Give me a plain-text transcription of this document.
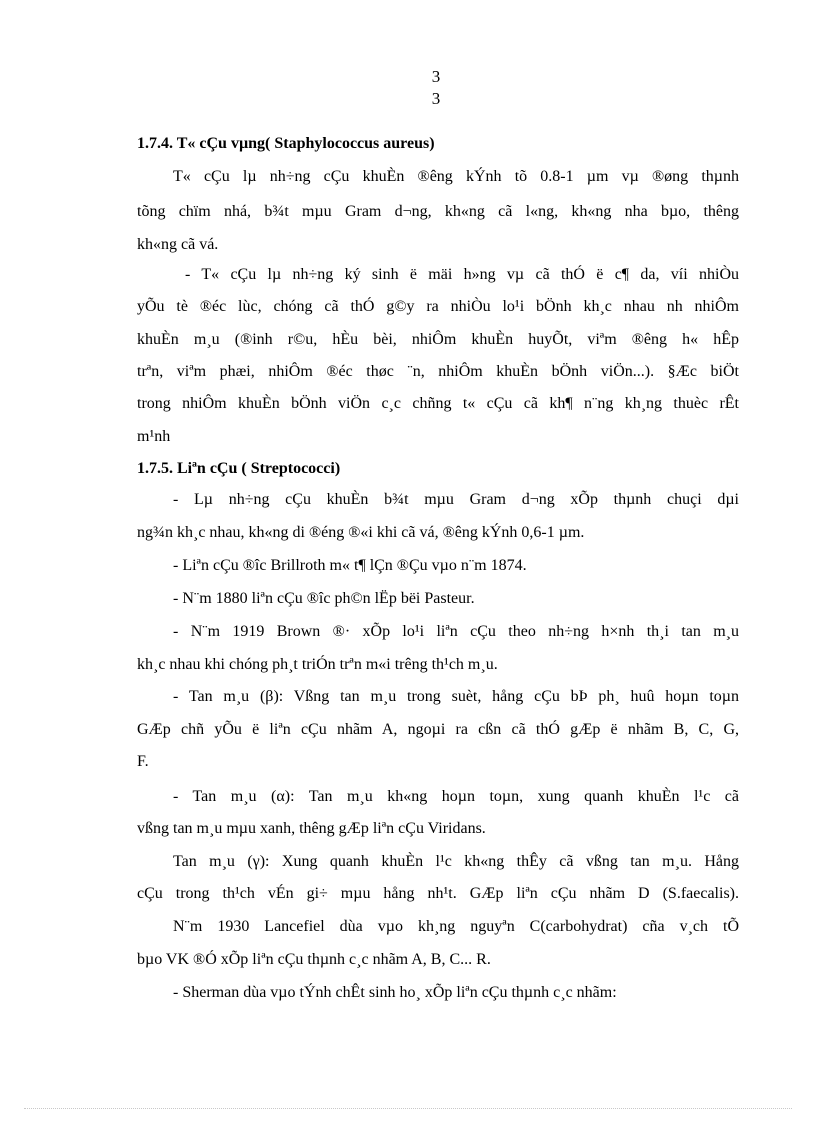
3
3
1.7.4. T« cÇu vµng( Staphylococcus aureus)
T« cÇu lµ nh÷ng cÇu khuÈn ®êng kÝnh tõ 0.8-1 µm vµ ®øng thµnh
tõng chïm nhá, b¾t mµu Gram d¬ng, kh«ng cã l«ng, kh«ng nha bµo, thêng
kh«ng cã vá.
- T« cÇu lµ nh÷ng ký sinh ë mäi h»ng vµ cã thÓ ë c¶ da, víi nhiÒu
yÕu tè ®éc lùc, chóng cã thÓ g©y ra nhiÒu lo¹i bÖnh kh¸c nhau nh nhiÔm
khuÈn m¸u (®inh r©u, hÈu bèi, nhiÔm khuÈn huyÕt, viªm ®êng h« hÊp
trªn, viªm phæi, nhiÔm ®éc thøc ¨n, nhiÔm khuÈn bÖnh viÖn...). §Æc biÖt
trong nhiÔm khuÈn bÖnh viÖn c¸c chñng t« cÇu cã kh¶ n¨ng kh¸ng thuèc rÊt
m¹nh
1.7.5. Liªn cÇu ( Streptococci)
- Lµ nh÷ng cÇu khuÈn b¾t mµu Gram d¬ng xÕp thµnh chuçi dµi
ng¾n kh¸c nhau, kh«ng di ®éng ®«i khi cã vá, ®êng kÝnh 0,6-1 µm.
- Liªn cÇu ®îc Brillroth m« t¶ lÇn ®Çu vµo n¨m 1874.
- N¨m 1880 liªn cÇu ®îc ph©n lËp bëi Pasteur.
- N¨m 1919 Brown ®· xÕp lo¹i liªn cÇu theo nh÷ng h×nh th¸i tan m¸u
kh¸c nhau khi chóng ph¸t triÓn trªn m«i trêng th¹ch m¸u.
- Tan m¸u (β): Vßng tan m¸u trong suèt, hång cÇu bÞ ph¸ huû hoµn toµn
GÆp chñ yÕu ë liªn cÇu nhãm A, ngoµi ra cßn cã thÓ gÆp ë nhãm B, C, G,
F.
- Tan m¸u (α): Tan m¸u kh«ng hoµn toµn, xung quanh khuÈn l¹c cã
vßng tan m¸u mµu xanh, thêng gÆp liªn cÇu Viridans.
Tan m¸u (γ): Xung quanh khuÈn l¹c kh«ng thÊy cã vßng tan m¸u. Hång
cÇu trong th¹ch vÉn gi÷ mµu hång nh¹t. GÆp liªn cÇu nhãm D (S.faecalis).
N¨m 1930 Lancefiel dùa vµo kh¸ng nguyªn C(carbohydrat) cña v¸ch tÕ
bµo VK ®Ó xÕp liªn cÇu thµnh c¸c nhãm A, B, C... R.
- Sherman dùa vµo tÝnh chÊt sinh ho¸ xÕp liªn cÇu thµnh c¸c nhãm:
